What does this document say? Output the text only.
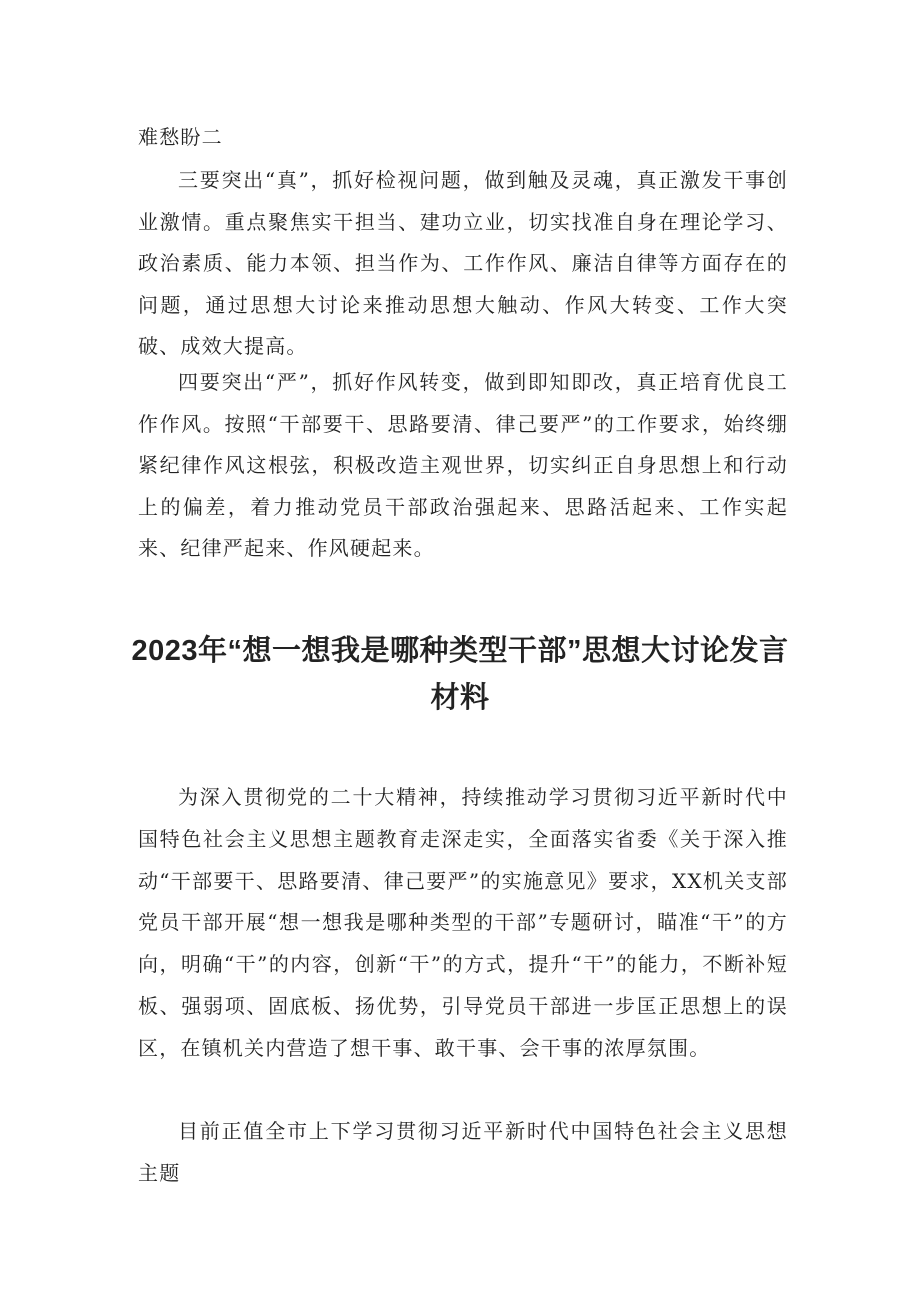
难愁盼二

三要突出“真”，抓好检视问题，做到触及灵魂，真正激发干事创业激情。重点聚焦实干担当、建功立业，切实找准自身在理论学习、政治素质、能力本领、担当作为、工作作风、廉洁自律等方面存在的问题，通过思想大讨论来推动思想大触动、作风大转变、工作大突破、成效大提高。

四要突出“严”，抓好作风转变，做到即知即改，真正培育优良工作作风。按照“干部要干、思路要清、律己要严”的工作要求，始终绷紧纪律作风这根弦，积极改造主观世界，切实纠正自身思想上和行动上的偏差，着力推动党员干部政治强起来、思路活起来、工作实起来、纪律严起来、作风硬起来。

2023年“想一想我是哪种类型干部”思想大讨论发言材料

为深入贯彻党的二十大精神，持续推动学习贯彻习近平新时代中国特色社会主义思想主题教育走深走实，全面落实省委《关于深入推动“干部要干、思路要清、律己要严”的实施意见》要求，XX机关支部党员干部开展“想一想我是哪种类型的干部”专题研讨，瞄准“干”的方向，明确“干”的内容，创新“干”的方式，提升“干”的能力，不断补短板、强弱项、固底板、扬优势，引导党员干部进一步匡正思想上的误区，在镇机关内营造了想干事、敢干事、会干事的浓厚氛围。

目前正值全市上下学习贯彻习近平新时代中国特色社会主义思想主题
